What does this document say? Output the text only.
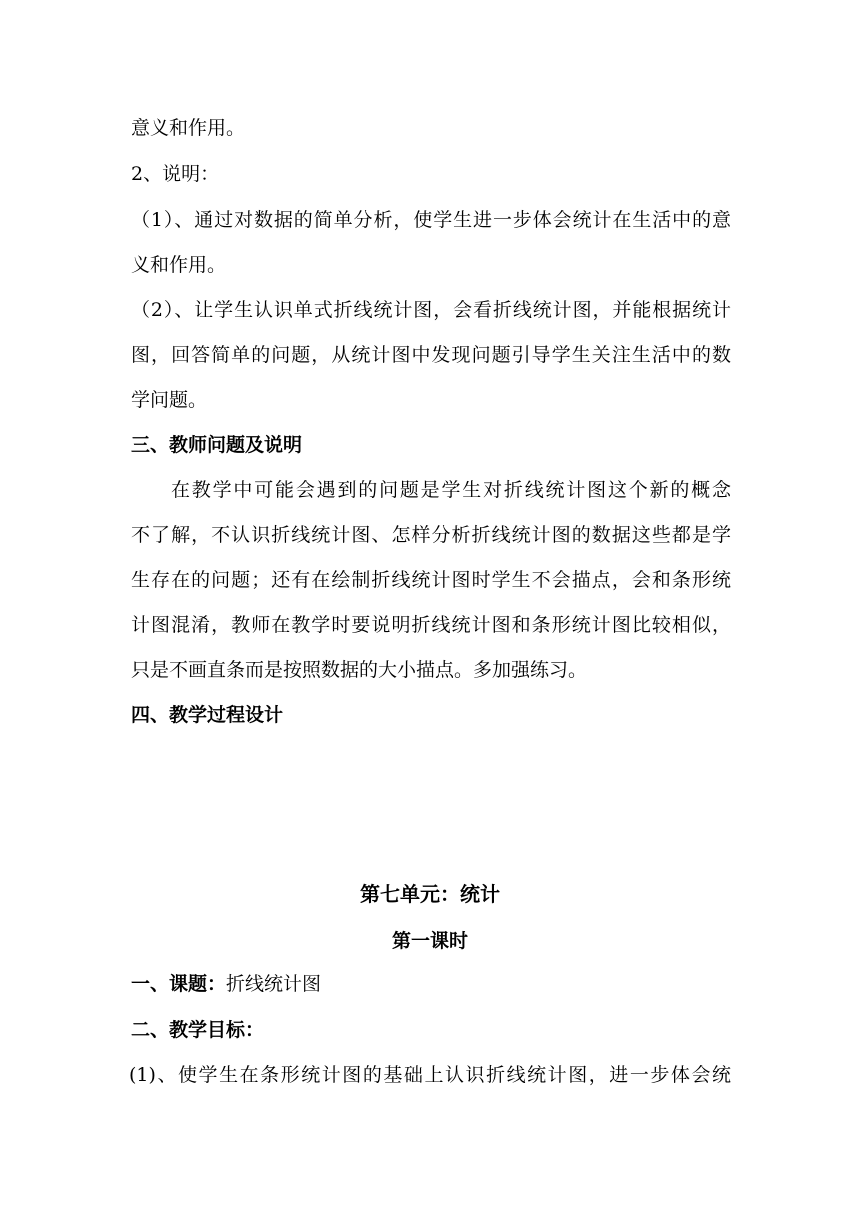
意义和作用。
2、说明：
（1）、通过对数据的简单分析，使学生进一步体会统计在生活中的意
义和作用。
（2）、让学生认识单式折线统计图，会看折线统计图，并能根据统计
图，回答简单的问题，从统计图中发现问题引导学生关注生活中的数
学问题。
三、教师问题及说明
在教学中可能会遇到的问题是学生对折线统计图这个新的概念
不了解，不认识折线统计图、怎样分析折线统计图的数据这些都是学
生存在的问题；还有在绘制折线统计图时学生不会描点，会和条形统
计图混淆，教师在教学时要说明折线统计图和条形统计图比较相似，
只是不画直条而是按照数据的大小描点。多加强练习。
四、教学过程设计
第七单元：统计
第一课时
一、课题：折线统计图
二、教学目标：
(1)、使学生在条形统计图的基础上认识折线统计图，进一步体会统
